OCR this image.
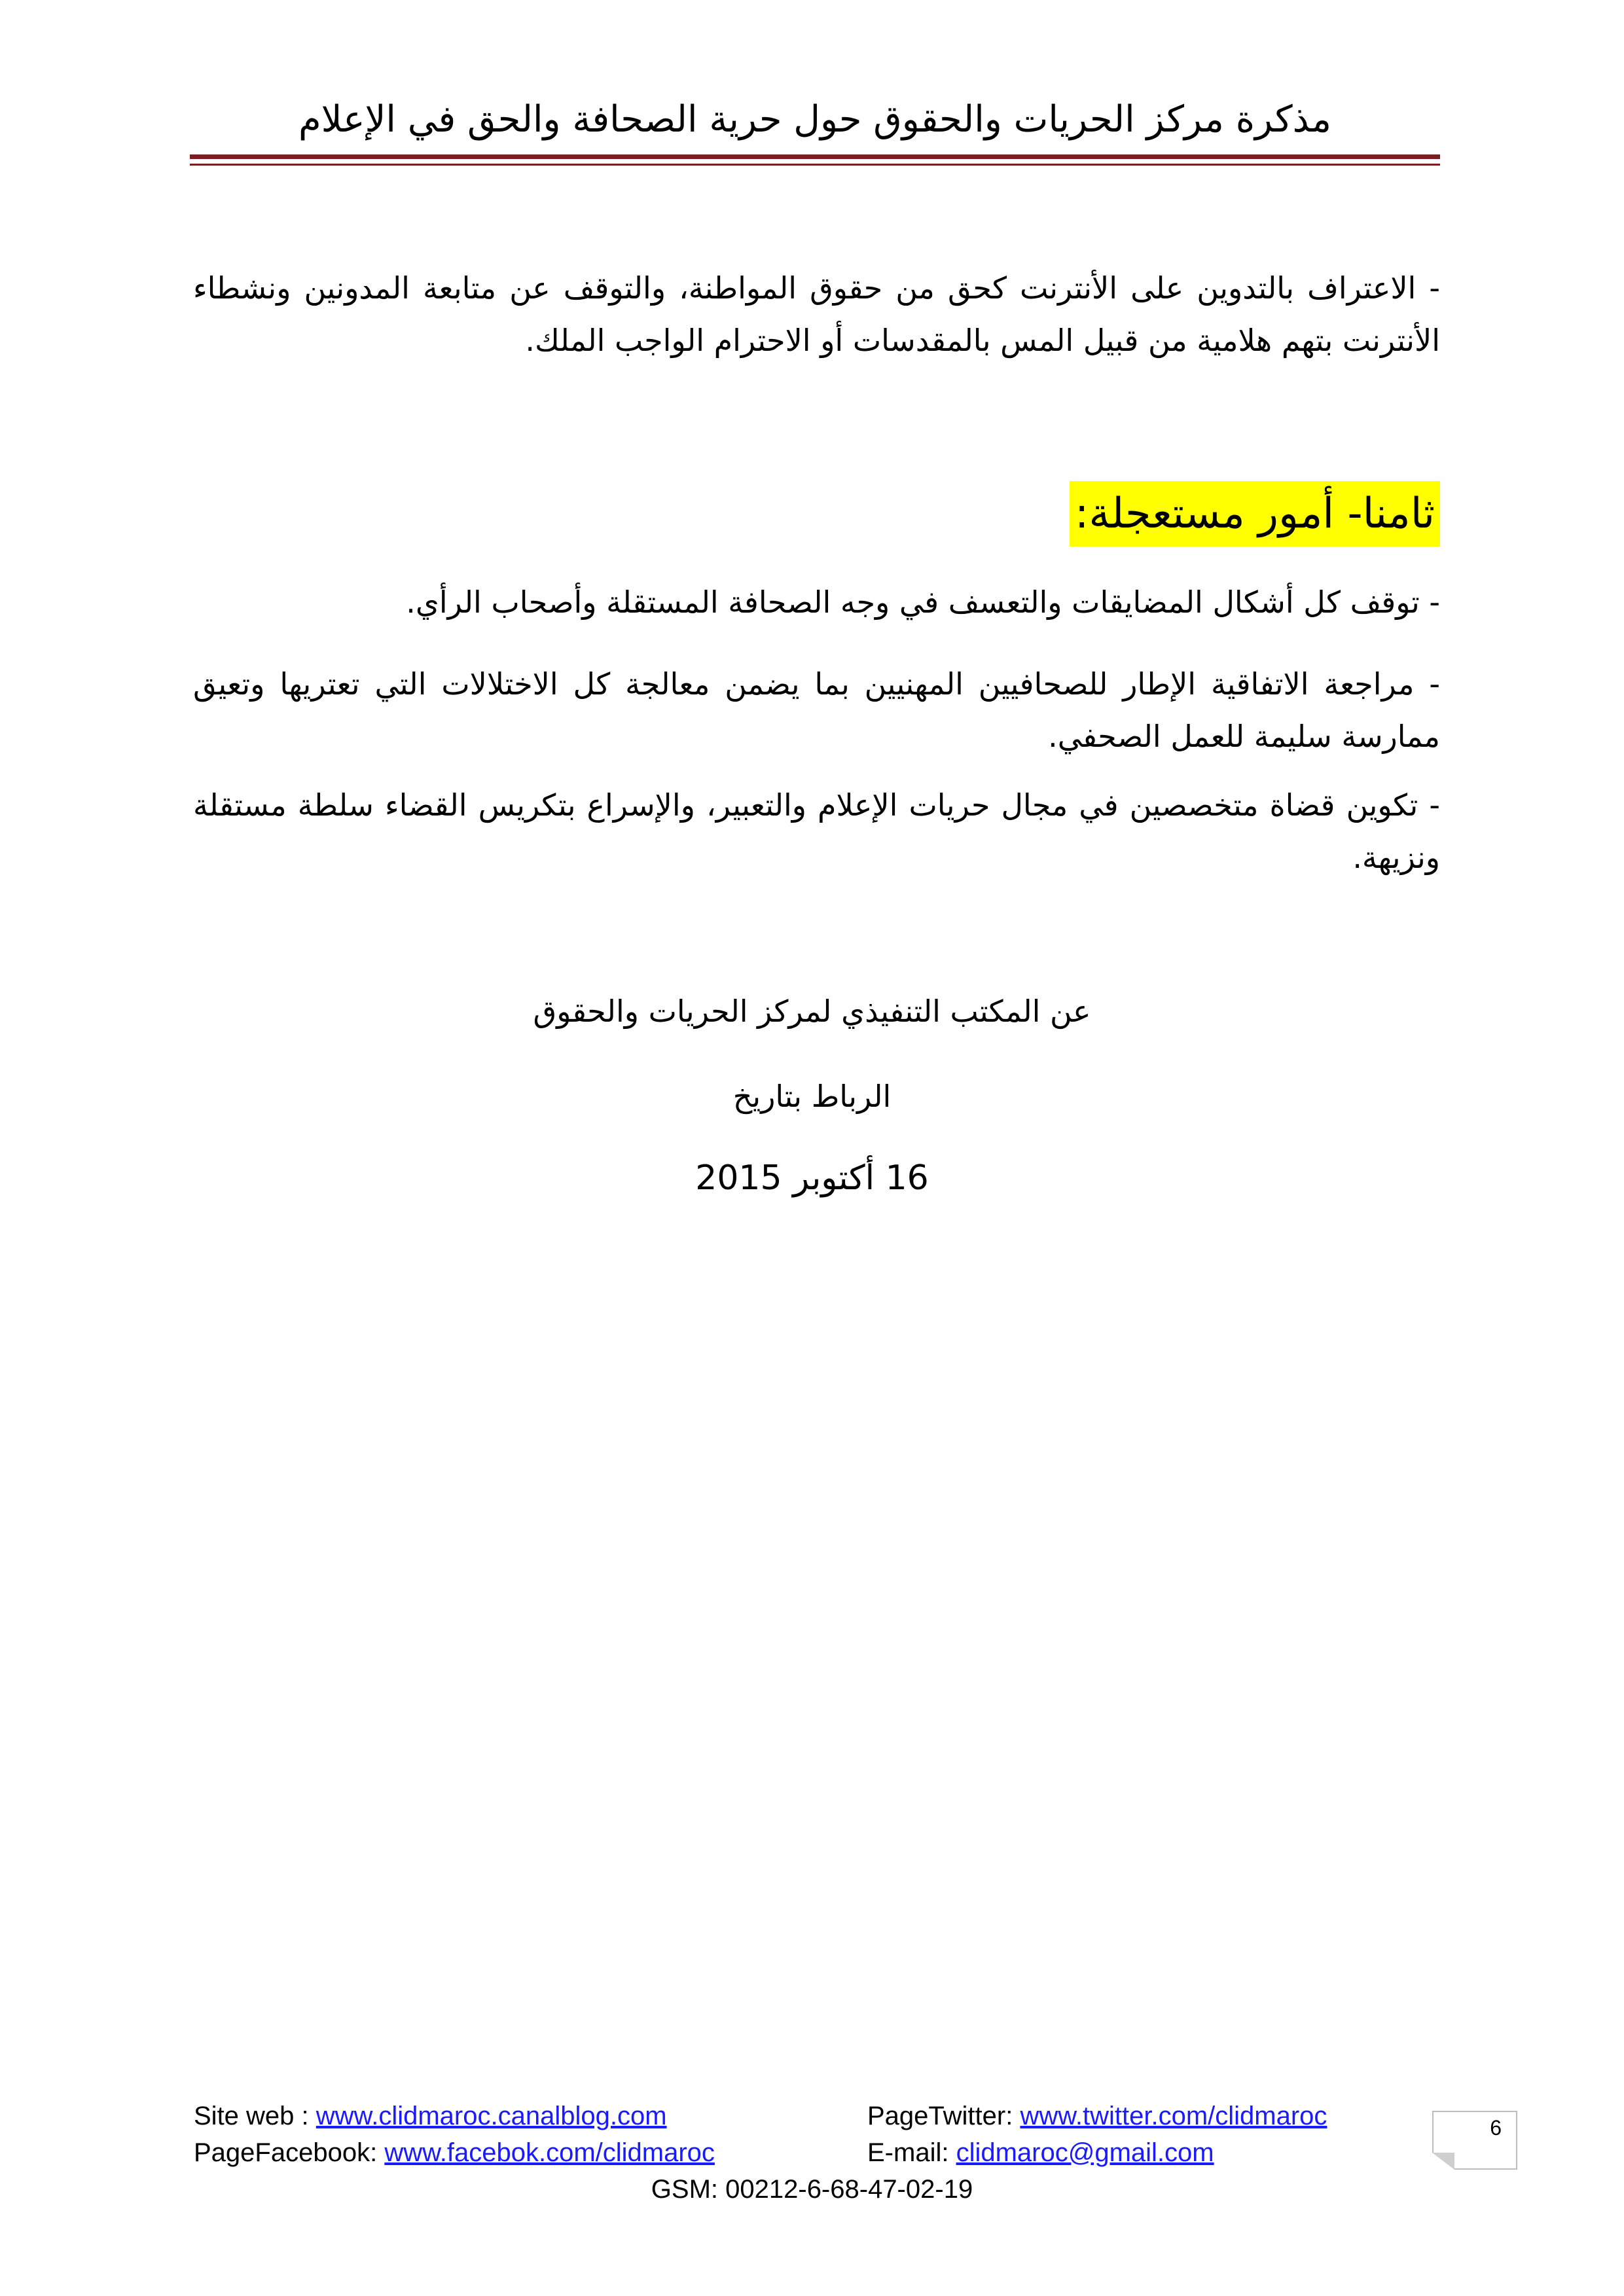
مذكرة مركز الحريات والحقوق حول حرية الصحافة والحق في الإعلام
- الاعتراف بالتدوين على الأنترنت كحق من حقوق المواطنة، والتوقف عن متابعة المدونين ونشطاء الأنترنت بتهم هلامية من قبيل المس بالمقدسات أو الاحترام الواجب الملك.
ثامنا- أمور مستعجلة:
- توقف كل أشكال المضايقات والتعسف في وجه الصحافة المستقلة وأصحاب الرأي.
- مراجعة الاتفاقية الإطار للصحافيين المهنيين بما يضمن معالجة كل الاختلالات التي تعتريها وتعيق ممارسة سليمة للعمل الصحفي.
- تكوين قضاة متخصصين في مجال حريات الإعلام والتعبير، والإسراع بتكريس القضاء سلطة مستقلة ونزيهة.
عن المكتب التنفيذي لمركز الحريات والحقوق
الرباط بتاريخ
16 أكتوبر 2015
Site web : www.clidmaroc.canalblog.com
PageFacebook: www.facebok.com/clidmaroc
PageTwitter: www.twitter.com/clidmaroc
E-mail: clidmaroc@gmail.com
GSM: 00212-6-68-47-02-19
6
